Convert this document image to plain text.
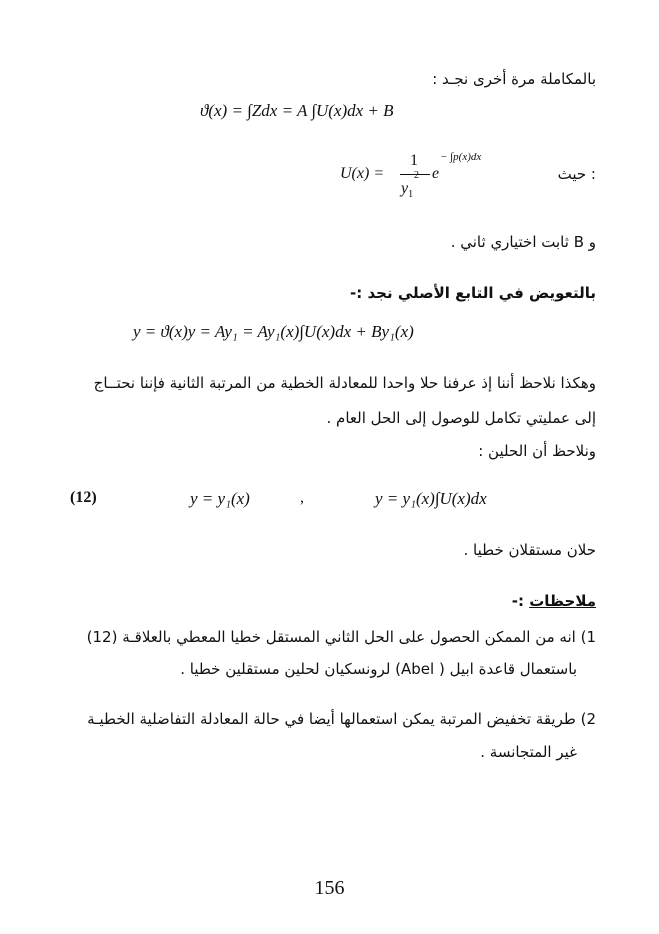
بالمكاملة مرة أخرى نجـد :
ϑ(x) = ∫Zdx = A ∫U(x)dx + B
U(x) =
1
$y_1$
2 e
− ∫p(x)dx
: حيث
و B ثابت اختياري ثاني .
بالتعويض في التابع الأصلي نجد :-
y = ϑ(x)y = Ay₁ = Ay₁(x)∫U(x)dx + By₁(x)
وهكذا نلاحظ أننا إذ عرفنا حلا واحدا للمعادلة الخطية من المرتبة الثانية فإننا نحتــاج
إلى عمليتي تكامل للوصول إلى الحل العام .
ونلاحظ أن الحلين :
(12)	y = y₁(x)	,	y = y₁(x)∫U(x)dx
حلان مستقلان خطيا .
ملاحظات :-
1) انه من الممكن الحصول على الحل الثاني المستقل خطيا المعطي بالعلاقـة (12)
باستعمال قاعدة ابيل ( Abel) لرونسكيان لحلين مستقلين خطيا .
2) طريقة تخفيض المرتبة يمكن استعمالها أيضا في حالة المعادلة التفاضلية الخطيـة
غير المتجانسة .
156
